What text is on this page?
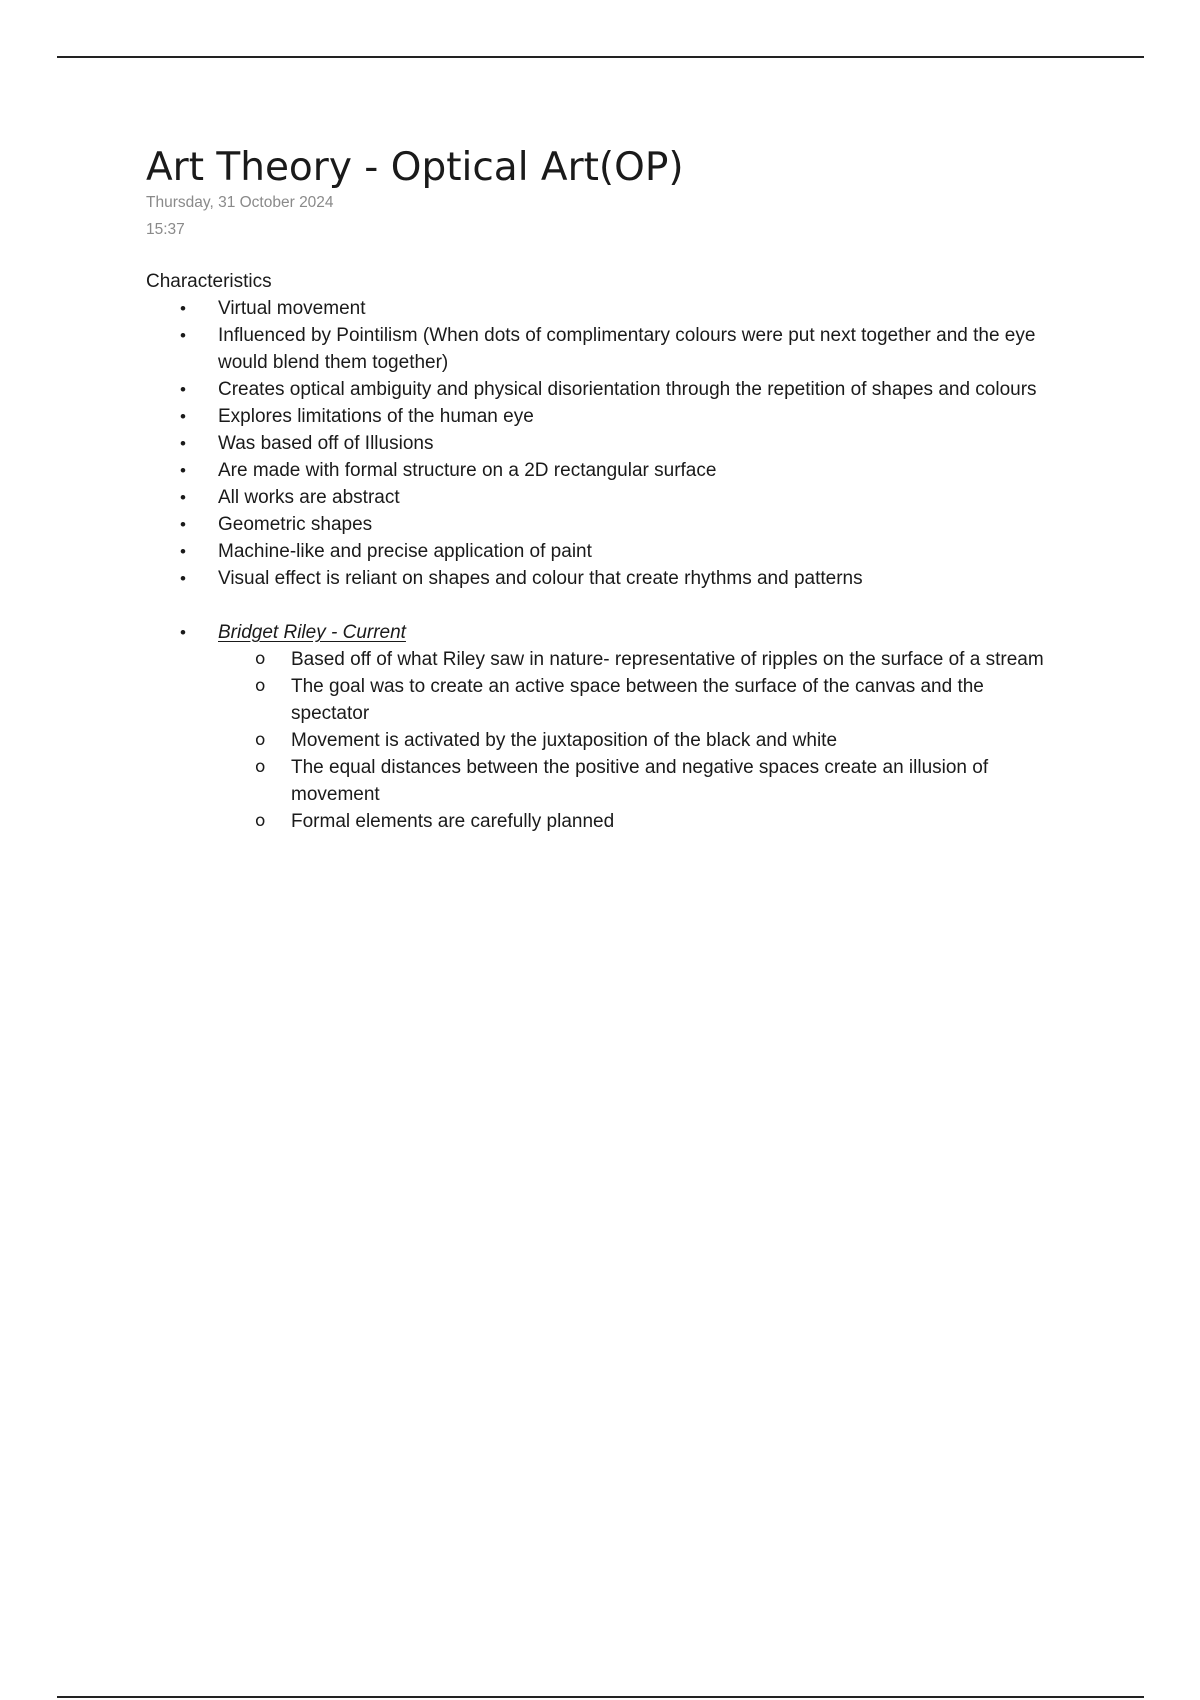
Art Theory - Optical Art(OP)
Thursday, 31 October 2024
15:37
Characteristics
• Virtual movement
• Influenced by Pointilism (When dots of complimentary colours were put next together and the eye would blend them together)
• Creates optical ambiguity and physical disorientation through the repetition of shapes and colours
• Explores limitations of the human eye
• Was based off of Illusions
• Are made with formal structure on a 2D rectangular surface
• All works are abstract
• Geometric shapes
• Machine-like and precise application of paint
• Visual effect is reliant on shapes and colour that create rhythms and patterns
• Bridget Riley - Current
o Based off of what Riley saw in nature- representative of ripples on the surface of a stream
o The goal was to create an active space between the surface of the canvas and the spectator
o Movement is activated by the juxtaposition of the black and white
o The equal distances between the positive and negative spaces create an illusion of movement
o Formal elements are carefully planned
